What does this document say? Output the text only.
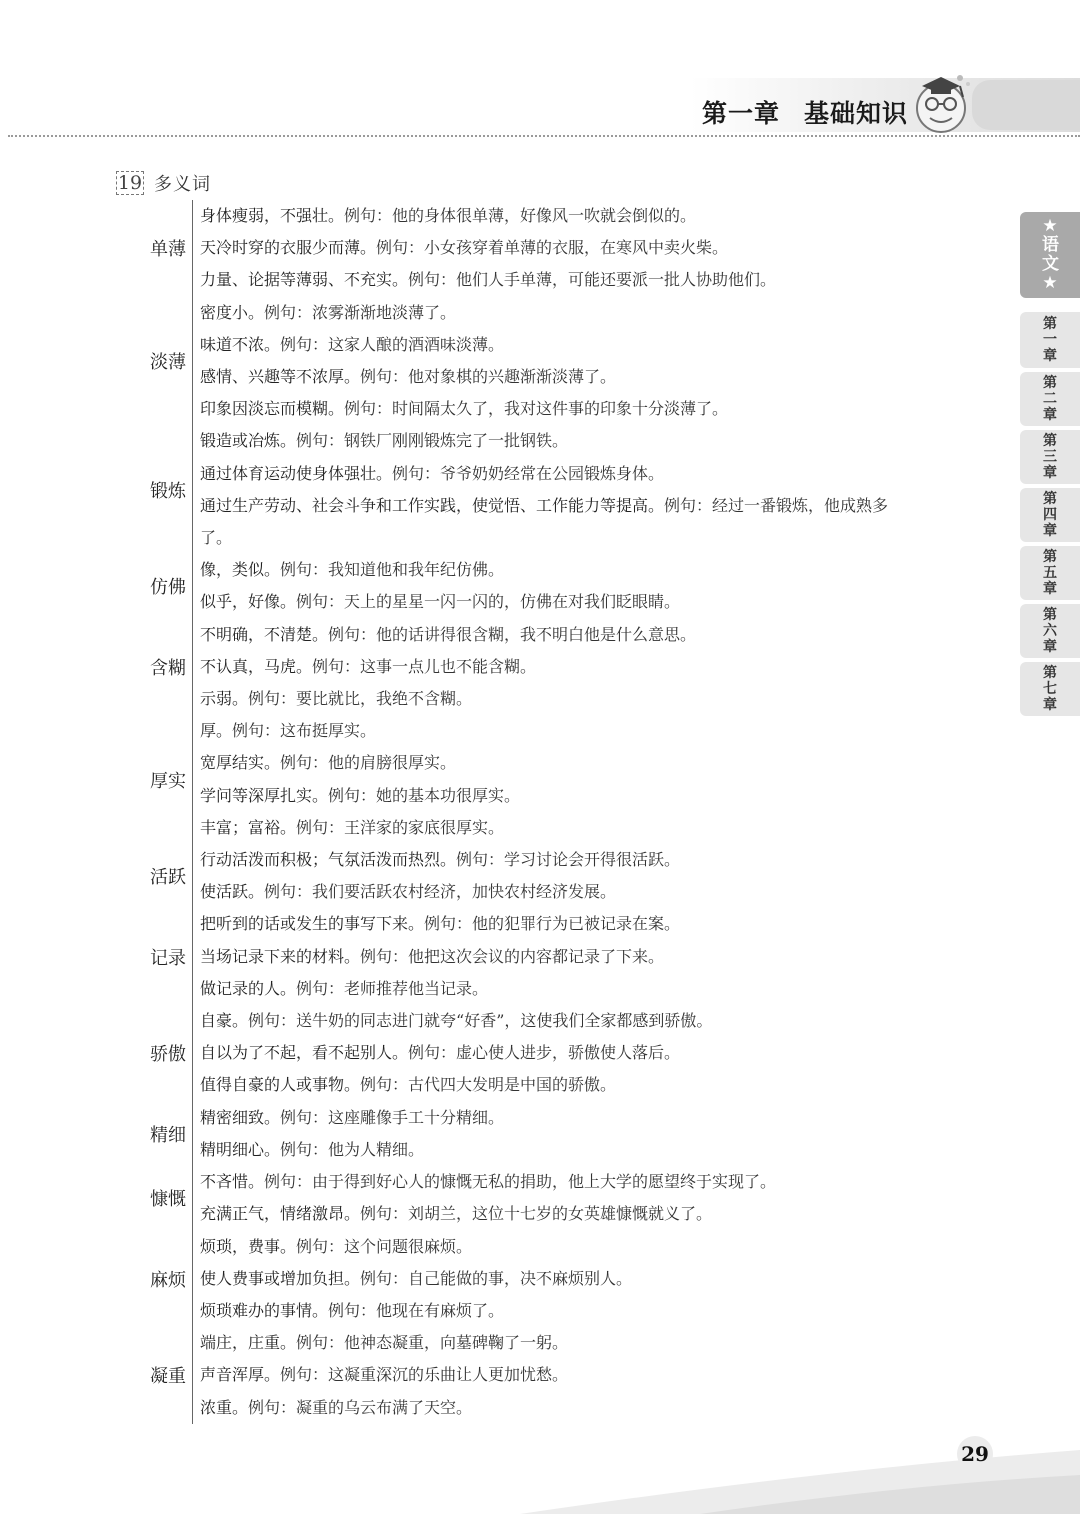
第一章 基础知识
19 多义词
★语文★
第一章
第二章
第三章
第四章
第五章
第六章
第七章
单薄
身体瘦弱，不强壮。例句：他的身体很单薄，好像风一吹就会倒似的。
天冷时穿的衣服少而薄。例句：小女孩穿着单薄的衣服，在寒风中卖火柴。
力量、论据等薄弱、不充实。例句：他们人手单薄，可能还要派一批人协助他们。
淡薄
密度小。例句：浓雾渐渐地淡薄了。
味道不浓。例句：这家人酿的酒酒味淡薄。
感情、兴趣等不浓厚。例句：他对象棋的兴趣渐渐淡薄了。
印象因淡忘而模糊。例句：时间隔太久了，我对这件事的印象十分淡薄了。
锻炼
锻造或冶炼。例句：钢铁厂刚刚锻炼完了一批钢铁。
通过体育运动使身体强壮。例句：爷爷奶奶经常在公园锻炼身体。
通过生产劳动、社会斗争和工作实践，使觉悟、工作能力等提高。例句：经过一番锻炼，他成熟多了。
仿佛
像，类似。例句：我知道他和我年纪仿佛。
似乎，好像。例句：天上的星星一闪一闪的，仿佛在对我们眨眼睛。
含糊
不明确，不清楚。例句：他的话讲得很含糊，我不明白他是什么意思。
不认真，马虎。例句：这事一点儿也不能含糊。
示弱。例句：要比就比，我绝不含糊。
厚实
厚。例句：这布挺厚实。
宽厚结实。例句：他的肩膀很厚实。
学问等深厚扎实。例句：她的基本功很厚实。
丰富；富裕。例句：王洋家的家底很厚实。
活跃
行动活泼而积极；气氛活泼而热烈。例句：学习讨论会开得很活跃。
使活跃。例句：我们要活跃农村经济，加快农村经济发展。
记录
把听到的话或发生的事写下来。例句：他的犯罪行为已被记录在案。
当场记录下来的材料。例句：他把这次会议的内容都记录了下来。
做记录的人。例句：老师推荐他当记录。
骄傲
自豪。例句：送牛奶的同志进门就夸“好香”，这使我们全家都感到骄傲。
自以为了不起，看不起别人。例句：虚心使人进步，骄傲使人落后。
值得自豪的人或事物。例句：古代四大发明是中国的骄傲。
精细
精密细致。例句：这座雕像手工十分精细。
精明细心。例句：他为人精细。
慷慨
不吝惜。例句：由于得到好心人的慷慨无私的捐助，他上大学的愿望终于实现了。
充满正气，情绪激昂。例句：刘胡兰，这位十七岁的女英雄慷慨就义了。
麻烦
烦琐，费事。例句：这个问题很麻烦。
使人费事或增加负担。例句：自己能做的事，决不麻烦别人。
烦琐难办的事情。例句：他现在有麻烦了。
凝重
端庄，庄重。例句：他神态凝重，向墓碑鞠了一躬。
声音浑厚。例句：这凝重深沉的乐曲让人更加忧愁。
浓重。例句：凝重的乌云布满了天空。
29
